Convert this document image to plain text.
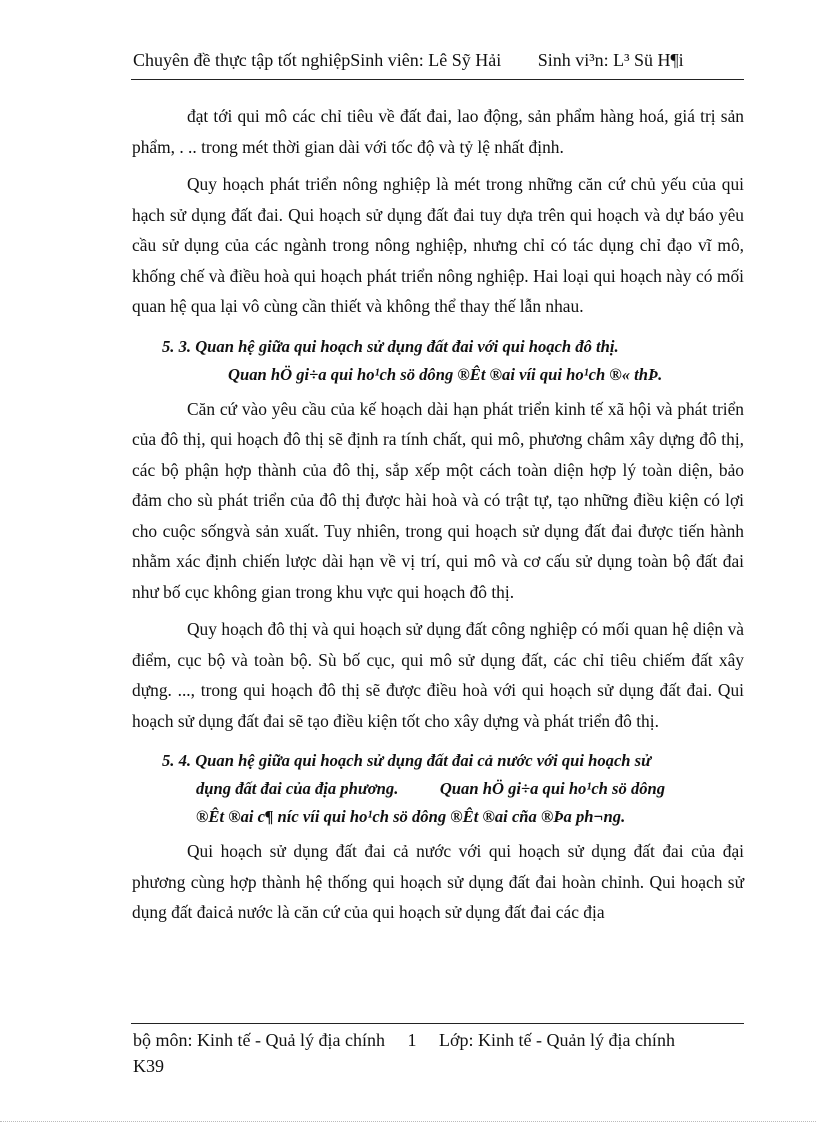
Chuyên đề thực tập tốt nghiệpSinh viên: Lê Sỹ Hải Sinh vi³n: L³ Sü H¶i

đạt tới qui mô các chỉ tiêu về đất đai, lao động, sản phẩm hàng hoá, giá trị sản phẩm, . .. trong mét thời gian dài với tốc độ và tỷ lệ nhất định.

Quy hoạch phát triển nông nghiệp là mét trong những căn cứ chủ yếu của qui hạch sử dụng đất đai. Qui hoạch sử dụng đất đai tuy dựa trên qui hoạch và dự báo yêu cầu sử dụng của các ngành trong nông nghiệp, nhưng chỉ có tác dụng chỉ đạo vĩ mô, khống chế và điều hoà qui hoạch phát triển nông nghiệp. Hai loại qui hoạch này có mối quan hệ qua lại vô cùng cần thiết và không thể thay thế lẫn nhau.

5. 3. Quan hệ giữa qui hoạch sử dụng đất đai với qui hoạch đô thị.
Quan hÖ gi÷a qui ho¹ch sö dông ®Êt ®ai víi qui ho¹ch ®« thÞ.

Căn cứ vào yêu cầu của kế hoạch dài hạn phát triển kinh tế xã hội và phát triển của đô thị, qui hoạch đô thị sẽ định ra tính chất, qui mô, phương châm xây dựng đô thị, các bộ phận hợp thành của đô thị, sắp xếp một cách toàn diện hợp lý toàn diện, bảo đảm cho sù phát triển của đô thị được hài hoà và có trật tự, tạo những điều kiện có lợi cho cuộc sốngvà sản xuất. Tuy nhiên, trong qui hoạch sử dụng đất đai được tiến hành nhằm xác định chiến lược dài hạn về vị trí, qui mô và cơ cấu sử dụng toàn bộ đất đai như bố cục không gian trong khu vực qui hoạch đô thị.

Quy hoạch đô thị và qui hoạch sử dụng đất công nghiệp có mối quan hệ diện và điểm, cục bộ và toàn bộ. Sù bố cục, qui mô sử dụng đất, các chỉ tiêu chiếm đất xây dựng. ..., trong qui hoạch đô thị sẽ được điều hoà với qui hoạch sử dụng đất đai. Qui hoạch sử dụng đất đai sẽ tạo điều kiện tốt cho xây dựng và phát triển đô thị.

5. 4. Quan hệ giữa qui hoạch sử dụng đất đai cả nước với qui hoạch sử
dụng đất đai của địa phương.          Quan hÖ gi÷a qui ho¹ch sö dông
®Êt ®ai c¶ níc víi qui ho¹ch sö dông ®Êt ®ai cña ®Þa ph¬ng.

Qui hoạch sử dụng đất đai cả nước với qui hoạch sử dụng đất đai của đại phương cùng hợp thành hệ thống qui hoạch sử dụng đất đai hoàn chỉnh. Qui hoạch sử dụng đất đaicả nước là căn cứ của qui hoạch sử dụng đất đai các địa

bộ môn: Kinh tế - Quả lý địa chính 1 Lớp: Kinh tế - Quản lý địa chính
K39
